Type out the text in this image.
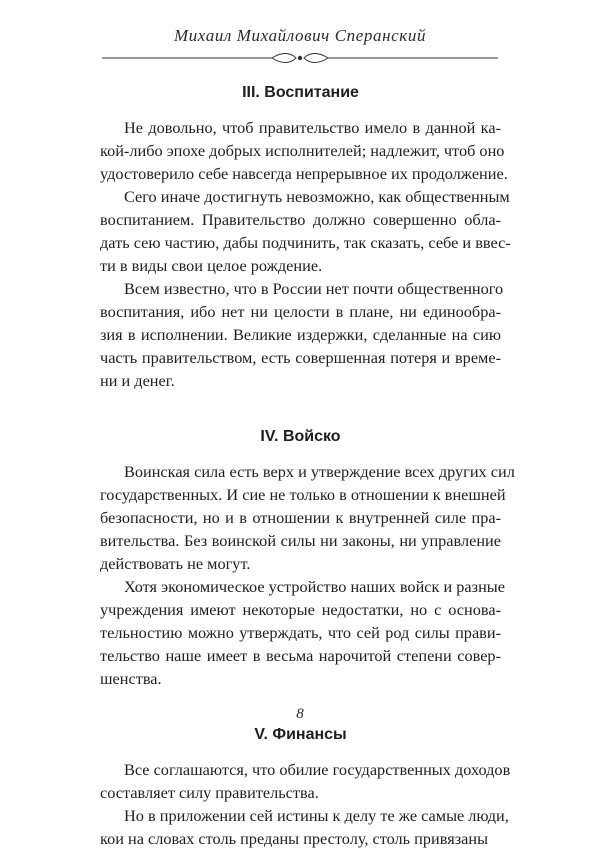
Михаил Михайлович Сперанский
III. Воспитание

Не довольно, чтоб правительство имело в данной ка-
кой-либо эпохе добрых исполнителей; надлежит, чтоб оно
удостоверило себе навсегда непрерывное их продолжение.

Сего иначе достигнуть невозможно, как общественным
воспитанием. Правительство должно совершенно обла-
дать сею частию, дабы подчинить, так сказать, себе и ввес-
ти в виды свои целое рождение.

Всем известно, что в России нет почти общественного
воспитания, ибо нет ни целости в плане, ни единообра-
зия в исполнении. Великие издержки, сделанные на сию
часть правительством, есть совершенная потеря и време-
ни и денег.

IV. Войско

Воинская сила есть верх и утверждение всех других сил
государственных. И сие не только в отношении к внешней
безопасности, но и в отношении к внутренней силе пра-
вительства. Без воинской силы ни законы, ни управление
действовать не могут.

Хотя экономическое устройство наших войск и разные
учреждения имеют некоторые недостатки, но с основа-
тельностию можно утверждать, что сей род силы прави-
тельство наше имеет в весьма нарочитой степени совер-
шенства.

V. Финансы

Все соглашаются, что обилие государственных доходов
составляет силу правительства.

Но в приложении сей истины к делу те же самые люди,
кои на словах столь преданы престолу, столь привязаны

8
